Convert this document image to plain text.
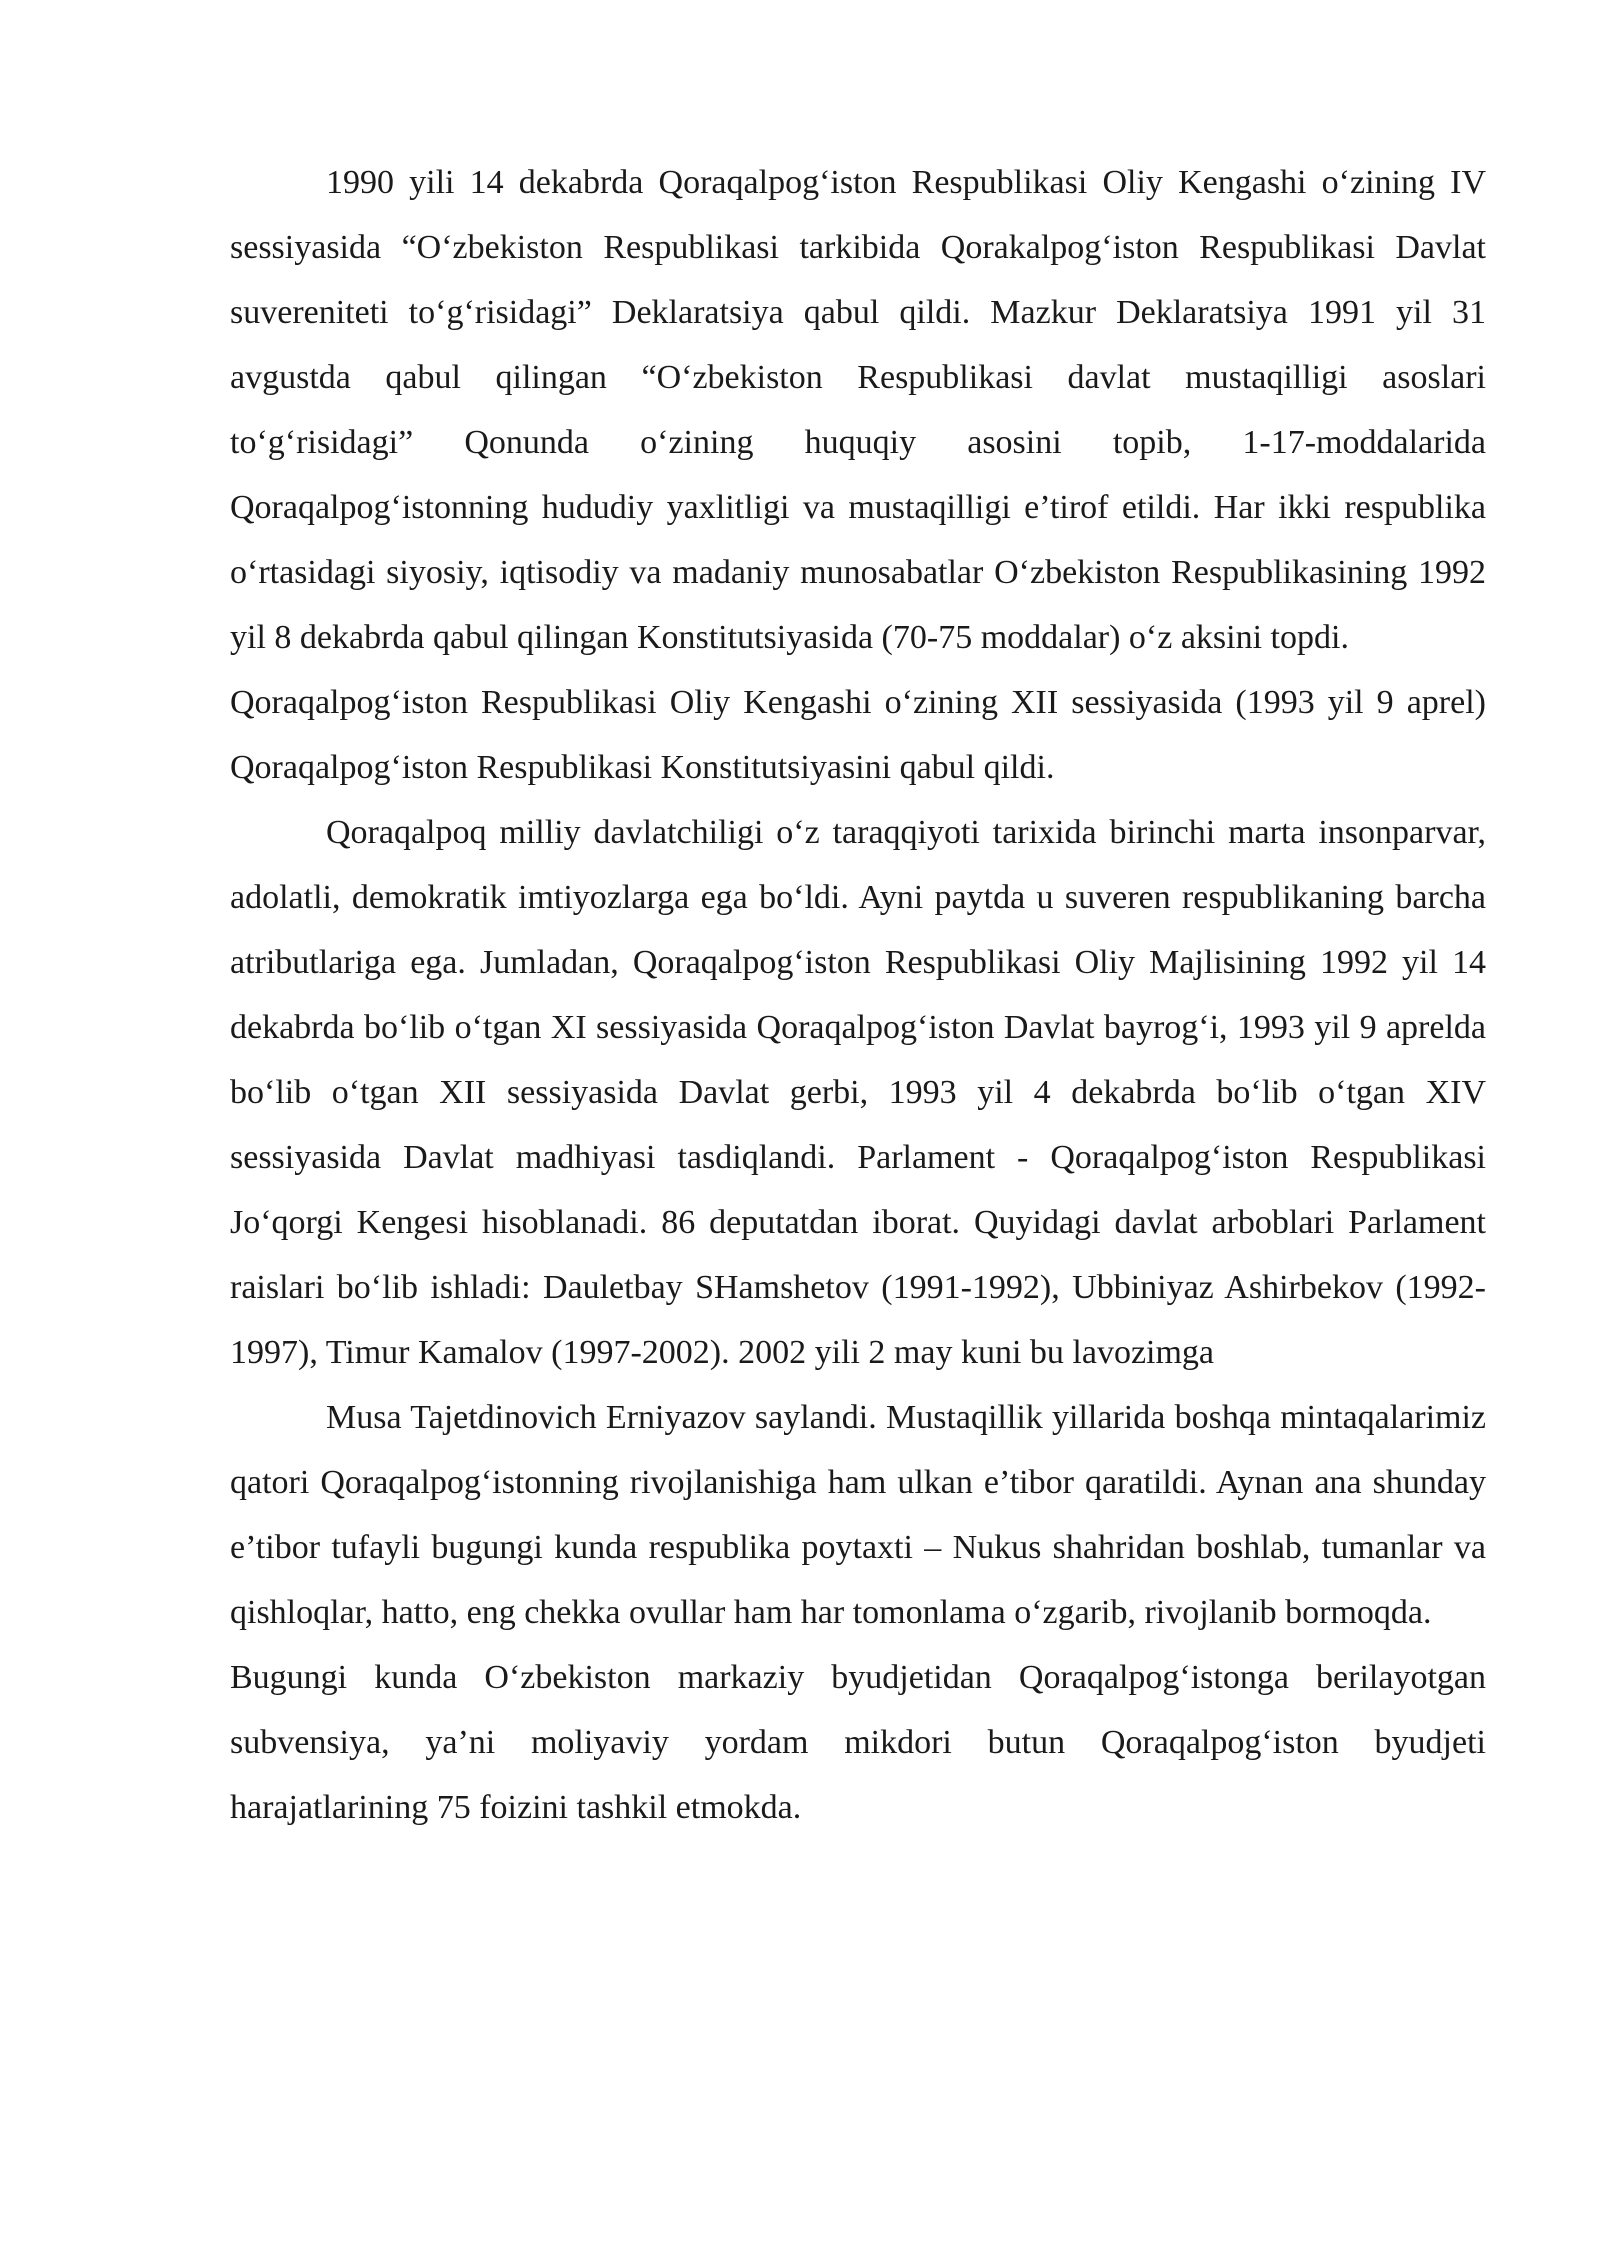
1990 yili 14 dekabrda Qoraqalpog‘iston Respublikasi Oliy Kengashi o‘zining IV sessiyasida “O‘zbekiston Respublikasi tarkibida Qorakalpog‘iston Respublikasi Davlat suvereniteti to‘g‘risidagi” Deklaratsiya qabul qildi. Mazkur Deklaratsiya 1991 yil 31 avgustda qabul qilingan “O‘zbekiston Respublikasi davlat mustaqilligi asoslari to‘g‘risidagi” Qonunda o‘zining huquqiy asosini topib, 1-17-moddalarida Qoraqalpog‘istonning hududiy yaxlitligi va mustaqilligi e’tirof etildi. Har ikki respublika o‘rtasidagi siyosiy, iqtisodiy va madaniy munosabatlar O‘zbekiston Respublikasining 1992 yil 8 dekabrda qabul qilingan Konstitutsiyasida (70-75 moddalar) o‘z aksini topdi.

Qoraqalpog‘iston Respublikasi Oliy Kengashi o‘zining XII sessiyasida (1993 yil 9 aprel) Qoraqalpog‘iston Respublikasi Konstitutsiyasini qabul qildi.

Qoraqalpoq milliy davlatchiligi o‘z taraqqiyoti tarixida birinchi marta insonparvar, adolatli, demokratik imtiyozlarga ega bo‘ldi. Ayni paytda u suveren respublikaning barcha atributlariga ega. Jumladan, Qoraqalpog‘iston Respublikasi Oliy Majlisining 1992 yil 14 dekabrda bo‘lib o‘tgan XI sessiyasida Qoraqalpog‘iston Davlat bayrog‘i, 1993 yil 9 aprelda bo‘lib o‘tgan XII sessiyasida Davlat gerbi, 1993 yil 4 dekabrda bo‘lib o‘tgan XIV sessiyasida Davlat madhiyasi tasdiqlandi. Parlament - Qoraqalpog‘iston Respublikasi Jo‘qorgi Kengesi hisoblanadi. 86 deputatdan iborat. Quyidagi davlat arboblari Parlament raislari bo‘lib ishladi: Dauletbay SHamshetov (1991-1992), Ubbiniyaz Ashirbekov (1992-1997), Timur Kamalov (1997-2002). 2002 yili 2 may kuni bu lavozimga

Musa Tajetdinovich Erniyazov saylandi. Mustaqillik yillarida boshqa mintaqalarimiz qatori Qoraqalpog‘istonning rivojlanishiga ham ulkan e’tibor qaratildi. Aynan ana shunday e’tibor tufayli bugungi kunda respublika poytaxti – Nukus shahridan boshlab, tumanlar va qishloqlar, hatto, eng chekka ovullar ham har tomonlama o‘zgarib, rivojlanib bormoqda.

Bugungi kunda O‘zbekiston markaziy byudjetidan Qoraqalpog‘istonga berilayotgan subvensiya, ya’ni moliyaviy yordam mikdori butun Qoraqalpog‘iston byudjeti harajatlarining 75 foizini tashkil etmokda.
